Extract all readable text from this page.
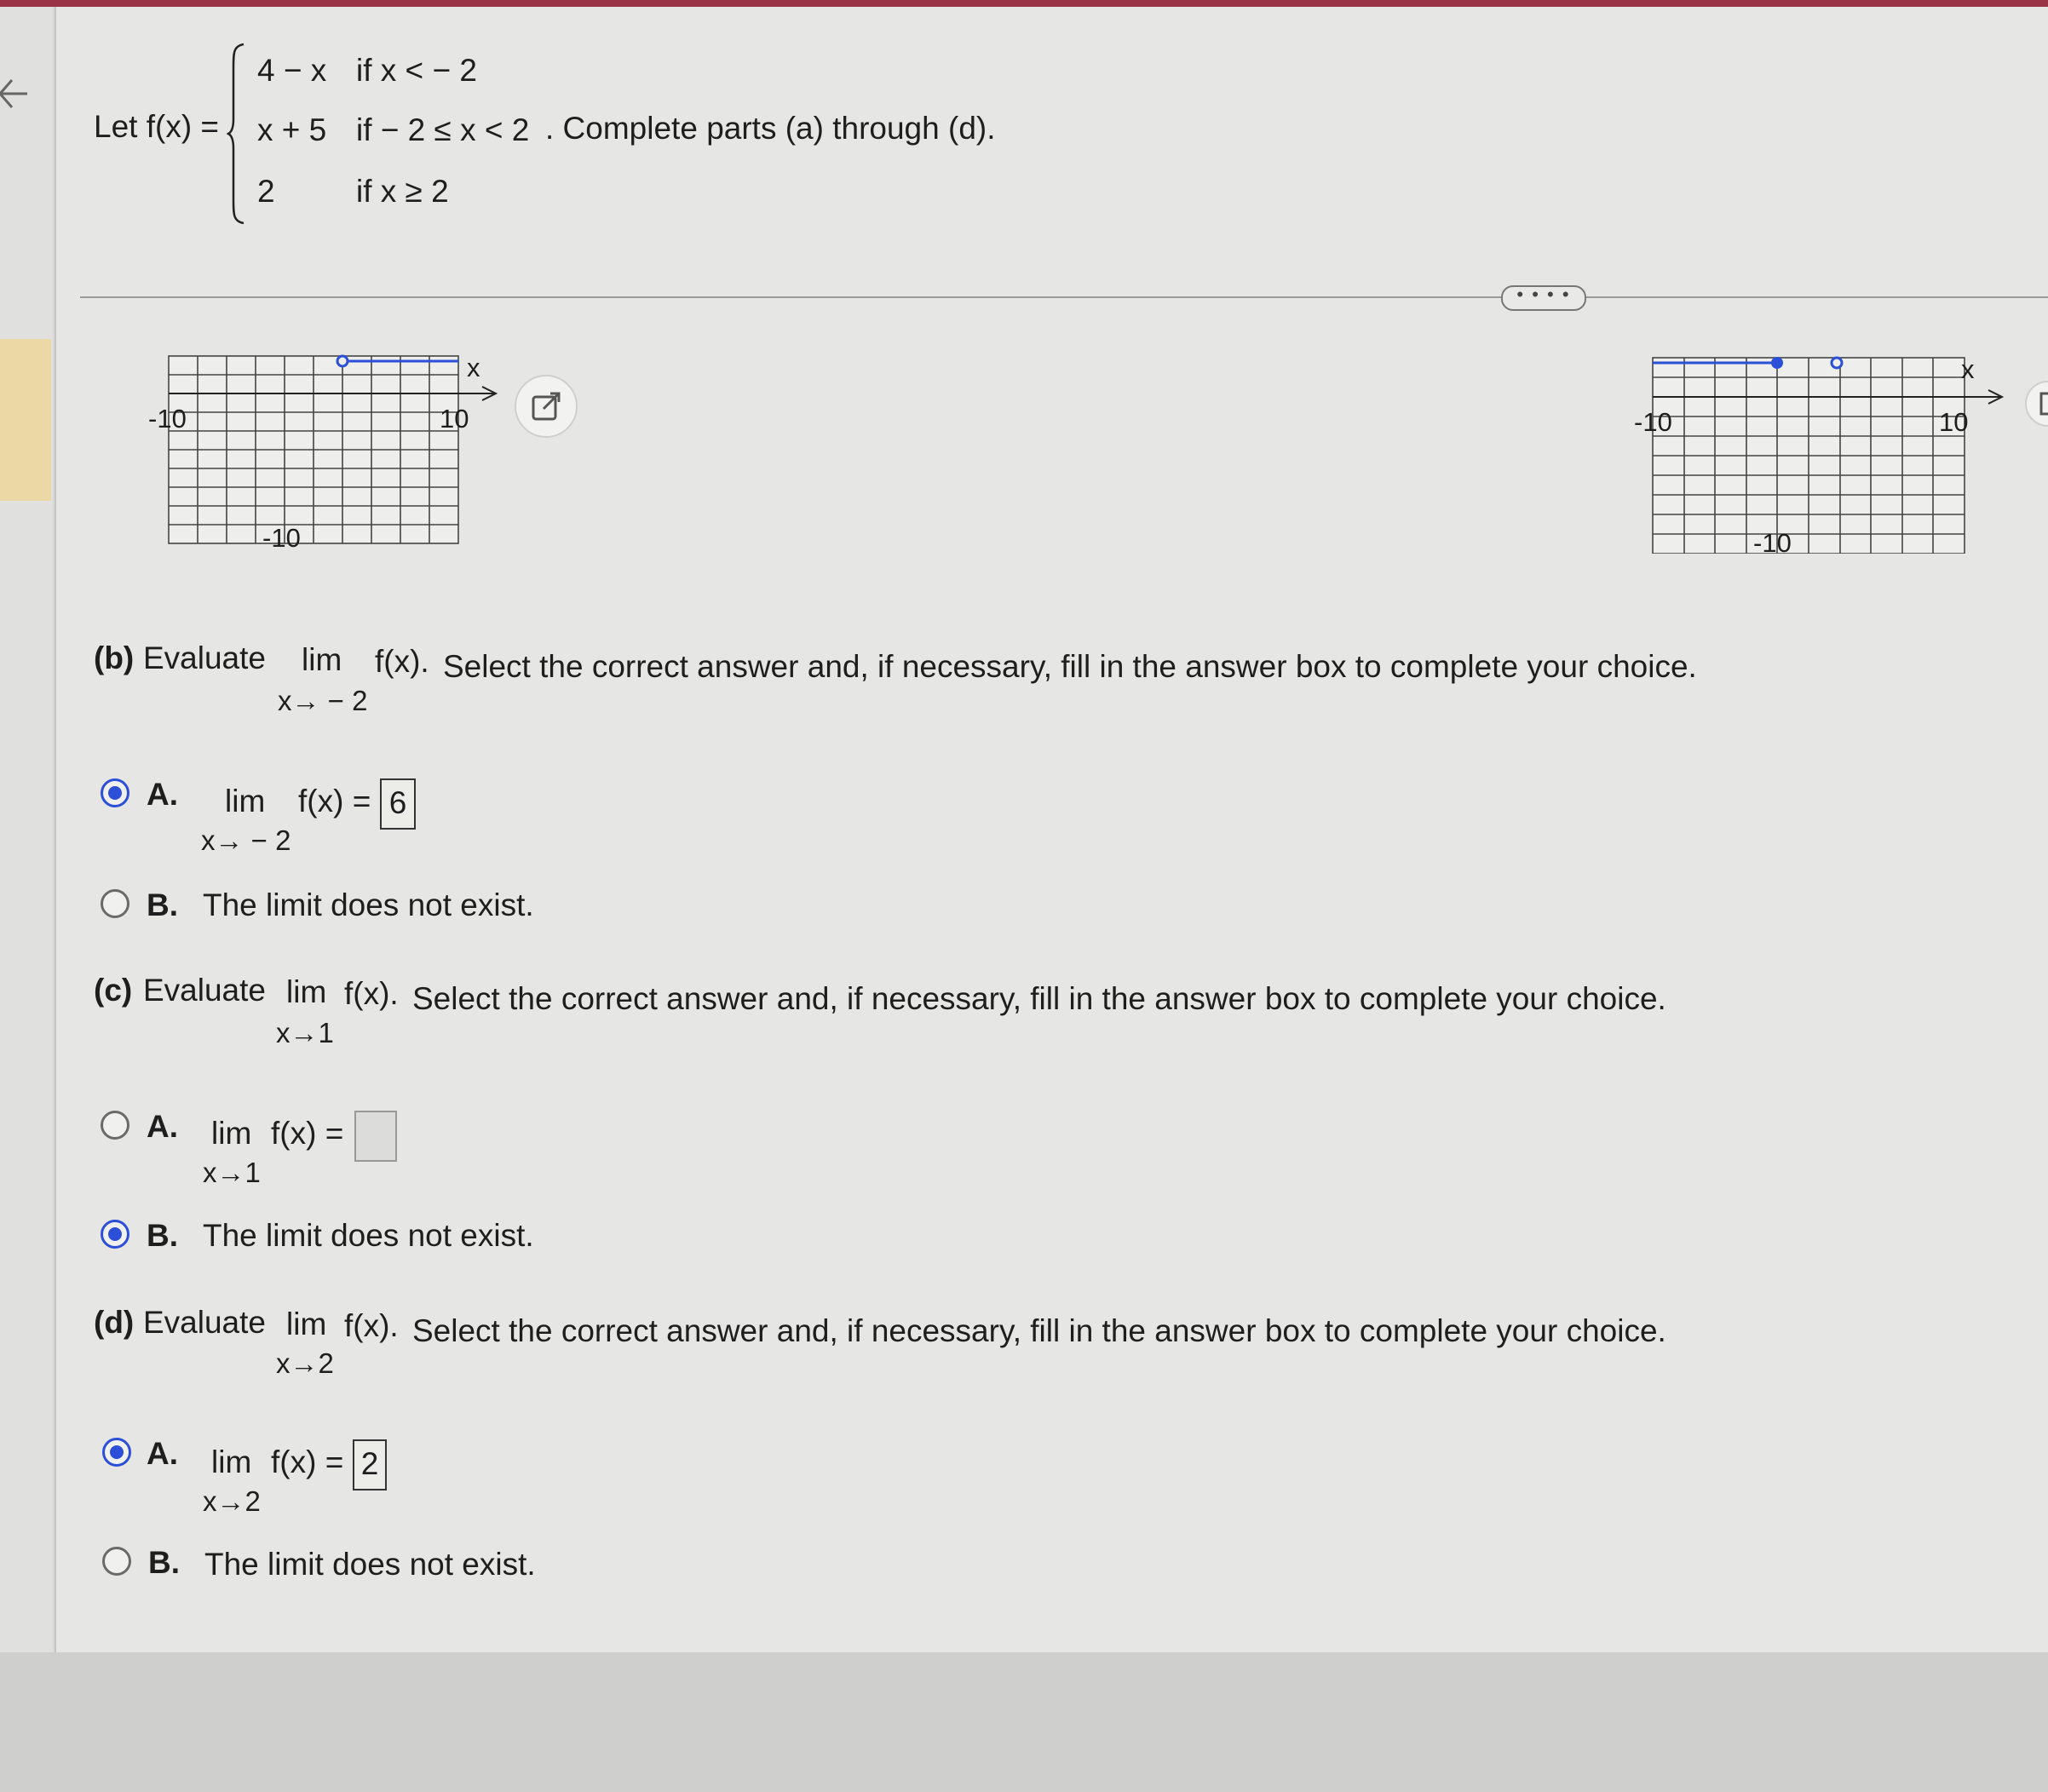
Let f(x) =
4 − x if x < − 2
x + 5 if − 2 ≤ x < 2
2	if x ≥ 2
. Complete parts (a) through (d).
• • • •
x
-10	10
-10
x
-10	10
-10
(b) Evaluate lim
x→ − 2
f(x). Select the correct answer and, if necessary, fill in the answer box to complete your choice.
A. lim
x→ − 2
f(x) = 6
B. The limit does not exist.
(c) Evaluate lim
x→1
f(x). Select the correct answer and, if necessary, fill in the answer box to complete your choice.
A. lim
x→1
f(x) =
B. The limit does not exist.
(d) Evaluate lim
x→2
f(x). Select the correct answer and, if necessary, fill in the answer box to complete your choice.
A. lim
x→2
f(x) = 2
B. The limit does not exist.
